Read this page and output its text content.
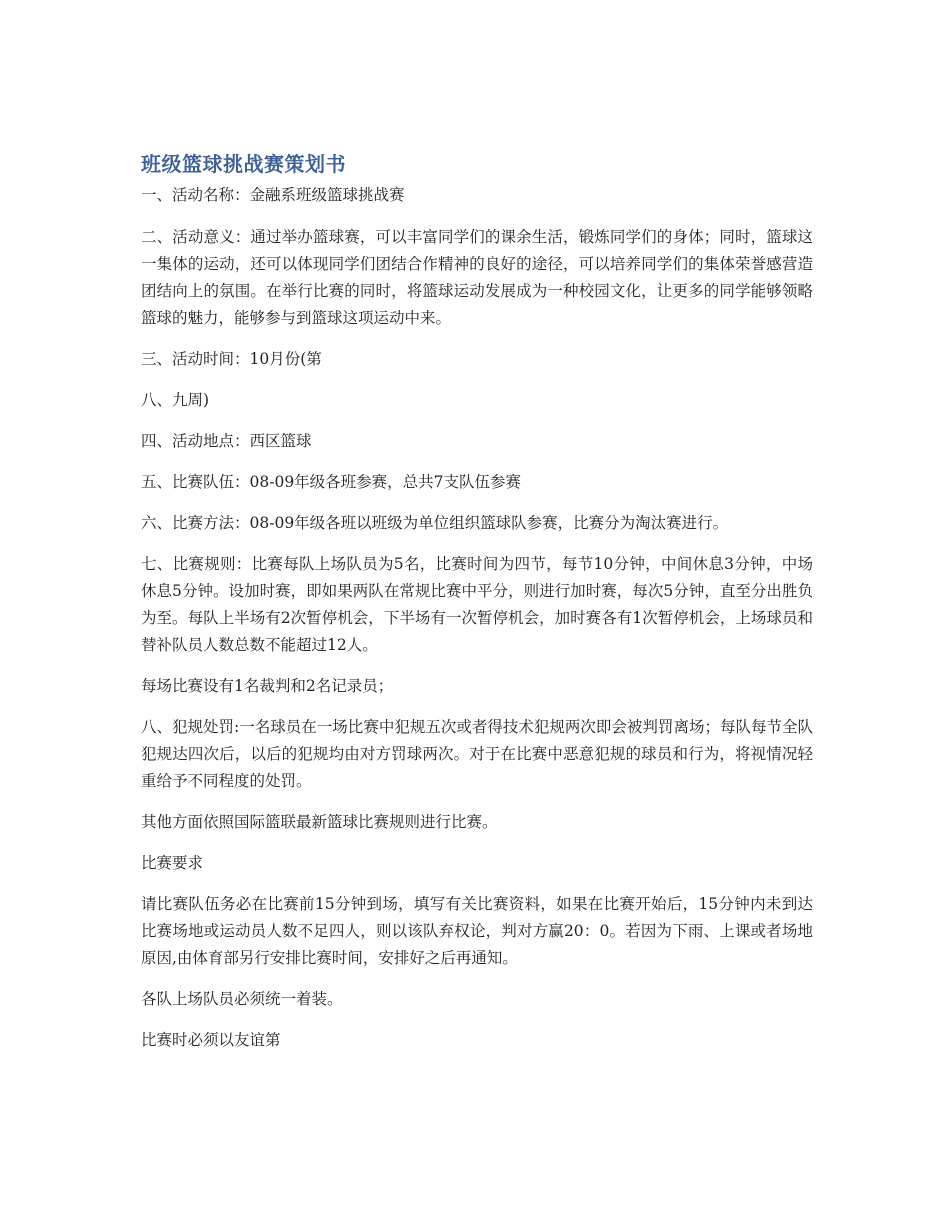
班级篮球挑战赛策划书

一、活动名称：金融系班级篮球挑战赛

二、活动意义：通过举办篮球赛，可以丰富同学们的课余生活，锻炼同学们的身体；同时，篮球这一集体的运动，还可以体现同学们团结合作精神的良好的途径，可以培养同学们的集体荣誉感营造团结向上的氛围。在举行比赛的同时，将篮球运动发展成为一种校园文化，让更多的同学能够领略篮球的魅力，能够参与到篮球这项运动中来。

三、活动时间：10月份(第

八、九周)

四、活动地点：西区篮球

五、比赛队伍：08-09年级各班参赛，总共7支队伍参赛

六、比赛方法：08-09年级各班以班级为单位组织篮球队参赛，比赛分为淘汰赛进行。

七、比赛规则：比赛每队上场队员为5名，比赛时间为四节，每节10分钟，中间休息3分钟，中场休息5分钟。设加时赛，即如果两队在常规比赛中平分，则进行加时赛，每次5分钟，直至分出胜负为至。每队上半场有2次暂停机会，下半场有一次暂停机会，加时赛各有1次暂停机会，上场球员和替补队员人数总数不能超过12人。

每场比赛设有1名裁判和2名记录员；

八、犯规处罚:一名球员在一场比赛中犯规五次或者得技术犯规两次即会被判罚离场；每队每节全队犯规达四次后，以后的犯规均由对方罚球两次。对于在比赛中恶意犯规的球员和行为，将视情况轻重给予不同程度的处罚。

其他方面依照国际篮联最新篮球比赛规则进行比赛。

比赛要求

请比赛队伍务必在比赛前15分钟到场，填写有关比赛资料，如果在比赛开始后，15分钟内未到达比赛场地或运动员人数不足四人，则以该队弃权论，判对方赢20：0。若因为下雨、上课或者场地原因,由体育部另行安排比赛时间，安排好之后再通知。

各队上场队员必须统一着装。

比赛时必须以友谊第
